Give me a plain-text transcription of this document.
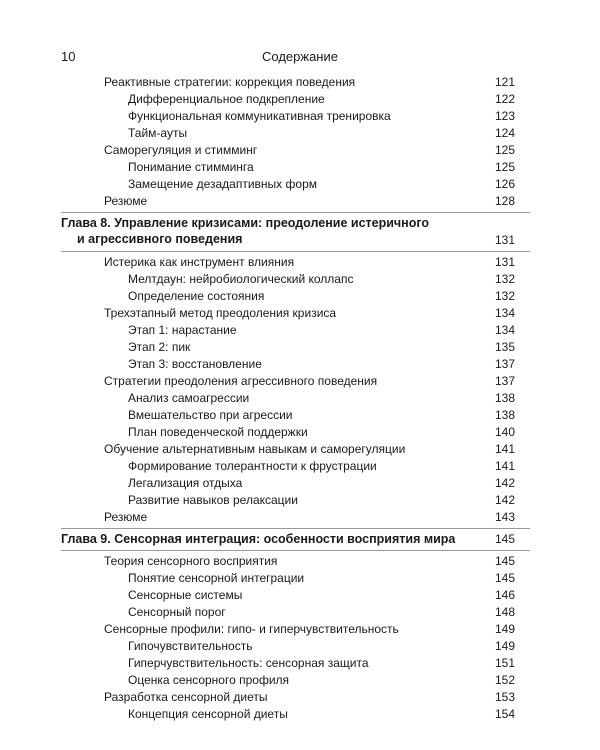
10	Содержание
Реактивные стратегии: коррекция поведения	121
Дифференциальное подкрепление	122
Функциональная коммуникативная тренировка	123
Тайм-ауты	124
Саморегуляция и стимминг	125
Понимание стимминга	125
Замещение дезадаптивных форм	126
Резюме	128
Глава 8. Управление кризисами: преодоление истеричного
и агрессивного поведения	131
Истерика как инструмент влияния	131
Мелтдаун: нейробиологический коллапс	132
Определение состояния	132
Трехэтапный метод преодоления кризиса	134
Этап 1: нарастание	134
Этап 2: пик	135
Этап 3: восстановление	137
Стратегии преодоления агрессивного поведения	137
Анализ самоагрессии	138
Вмешательство при агрессии	138
План поведенческой поддержки	140
Обучение альтернативным навыкам и саморегуляции	141
Формирование толерантности к фрустрации	141
Легализация отдыха	142
Развитие навыков релаксации	142
Резюме	143
Глава 9. Сенсорная интеграция: особенности восприятия мира	145
Теория сенсорного восприятия	145
Понятие сенсорной интеграции	145
Сенсорные системы	146
Сенсорный порог	148
Сенсорные профили: гипо- и гиперчувствительность	149
Гипочувствительность	149
Гиперчувствительность: сенсорная защита	151
Оценка сенсорного профиля	152
Разработка сенсорной диеты	153
Концепция сенсорной диеты	154
